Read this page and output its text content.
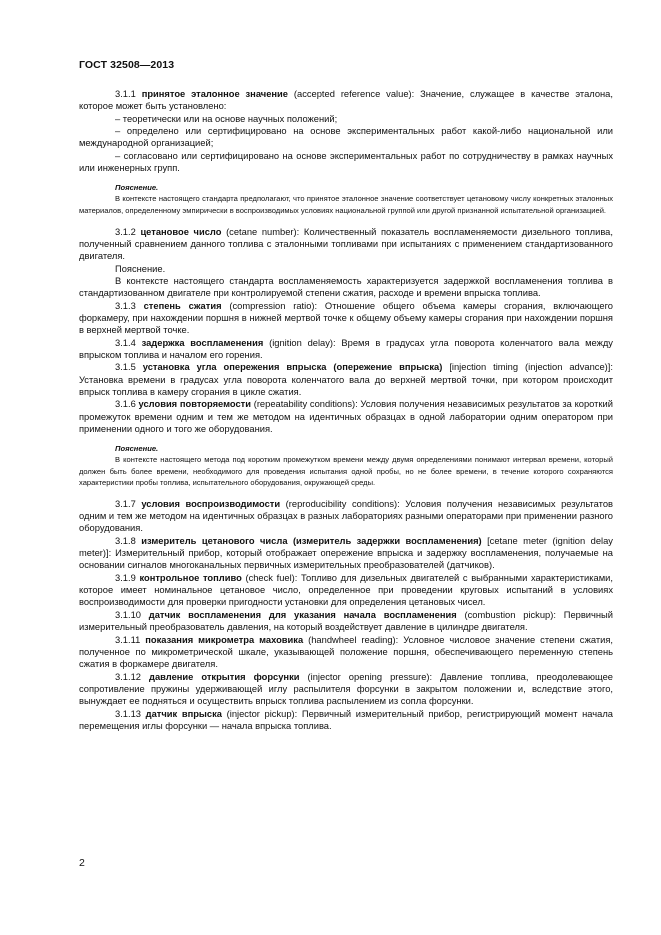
ГОСТ 32508—2013

3.1.1 принятое эталонное значение (accepted reference value): Значение, служащее в качестве эталона, которое может быть установлено:

– теоретически или на основе научных положений;

– определено или сертифицировано на основе экспериментальных работ какой-либо национальной или международной организацией;

– согласовано или сертифицировано на основе экспериментальных работ по сотрудничеству в рамках научных или инженерных групп.

Пояснение.

В контексте настоящего стандарта предполагают, что принятое эталонное значение соответствует цетановому числу конкретных эталонных материалов, определенному эмпирически в воспроизводимых условиях национальной группой или другой признанной испытательной организацией.

3.1.2 цетановое число (cetane number): Количественный показатель воспламеняемости дизельного топлива, полученный сравнением данного топлива с эталонными топливами при испытаниях с применением стандартизованного двигателя.

Пояснение.

В контексте настоящего стандарта воспламеняемость характеризуется задержкой воспламенения топлива в стандартизованном двигателе при контролируемой степени сжатия, расходе и времени впрыска топлива.

3.1.3 степень сжатия (compression ratio): Отношение общего объема камеры сгорания, включающего форкамеру, при нахождении поршня в нижней мертвой точке к общему объему камеры сгорания при нахождении поршня в верхней мертвой точке.

3.1.4 задержка воспламенения (ignition delay): Время в градусах угла поворота коленчатого вала между впрыском топлива и началом его горения.

3.1.5 установка угла опережения впрыска (опережение впрыска) [injection timing (injection advance)]: Установка времени в градусах угла поворота коленчатого вала до верхней мертвой точки, при котором происходит впрыск топлива в камеру сгорания в цикле сжатия.

3.1.6 условия повторяемости (repeatability conditions): Условия получения независимых результатов за короткий промежуток времени одним и тем же методом на идентичных образцах в одной лаборатории одним оператором при применении одного и того же оборудования.

Пояснение.

В контексте настоящего метода под коротким промежутком времени между двумя определениями понимают интервал времени, который должен быть более времени, необходимого для проведения испытания одной пробы, но не более времени, в течение которого сохраняются характеристики пробы топлива, испытательного оборудования, окружающей среды.

3.1.7 условия воспроизводимости (reproducibility conditions): Условия получения независимых результатов одним и тем же методом на идентичных образцах в разных лабораториях разными операторами при применении разного оборудования.

3.1.8 измеритель цетанового числа (измеритель задержки воспламенения) [cetane meter (ignition delay meter)]: Измерительный прибор, который отображает опережение впрыска и задержку воспламенения, получаемые на основании сигналов многоканальных первичных измерительных преобразователей (датчиков).

3.1.9 контрольное топливо (check fuel): Топливо для дизельных двигателей с выбранными характеристиками, которое имеет номинальное цетановое число, определенное при проведении круговых испытаний в условиях воспроизводимости для проверки пригодности установки для определения цетановых чисел.

3.1.10 датчик воспламенения для указания начала воспламенения (combustion pickup): Первичный измерительный преобразователь давления, на который воздействует давление в цилиндре двигателя.

3.1.11 показания микрометра маховика (handwheel reading): Условное числовое значение степени сжатия, полученное по микрометрической шкале, указывающей положение поршня, обеспечивающего переменную степень сжатия в форкамере двигателя.

3.1.12 давление открытия форсунки (injector opening pressure): Давление топлива, преодолевающее сопротивление пружины удерживающей иглу распылителя форсунки в закрытом положении и, вследствие этого, вынуждает ее подняться и осуществить впрыск топлива распылением из сопла форсунки.

3.1.13 датчик впрыска (injector pickup): Первичный измерительный прибор, регистрирующий момент начала перемещения иглы форсунки — начала впрыска топлива.

2
